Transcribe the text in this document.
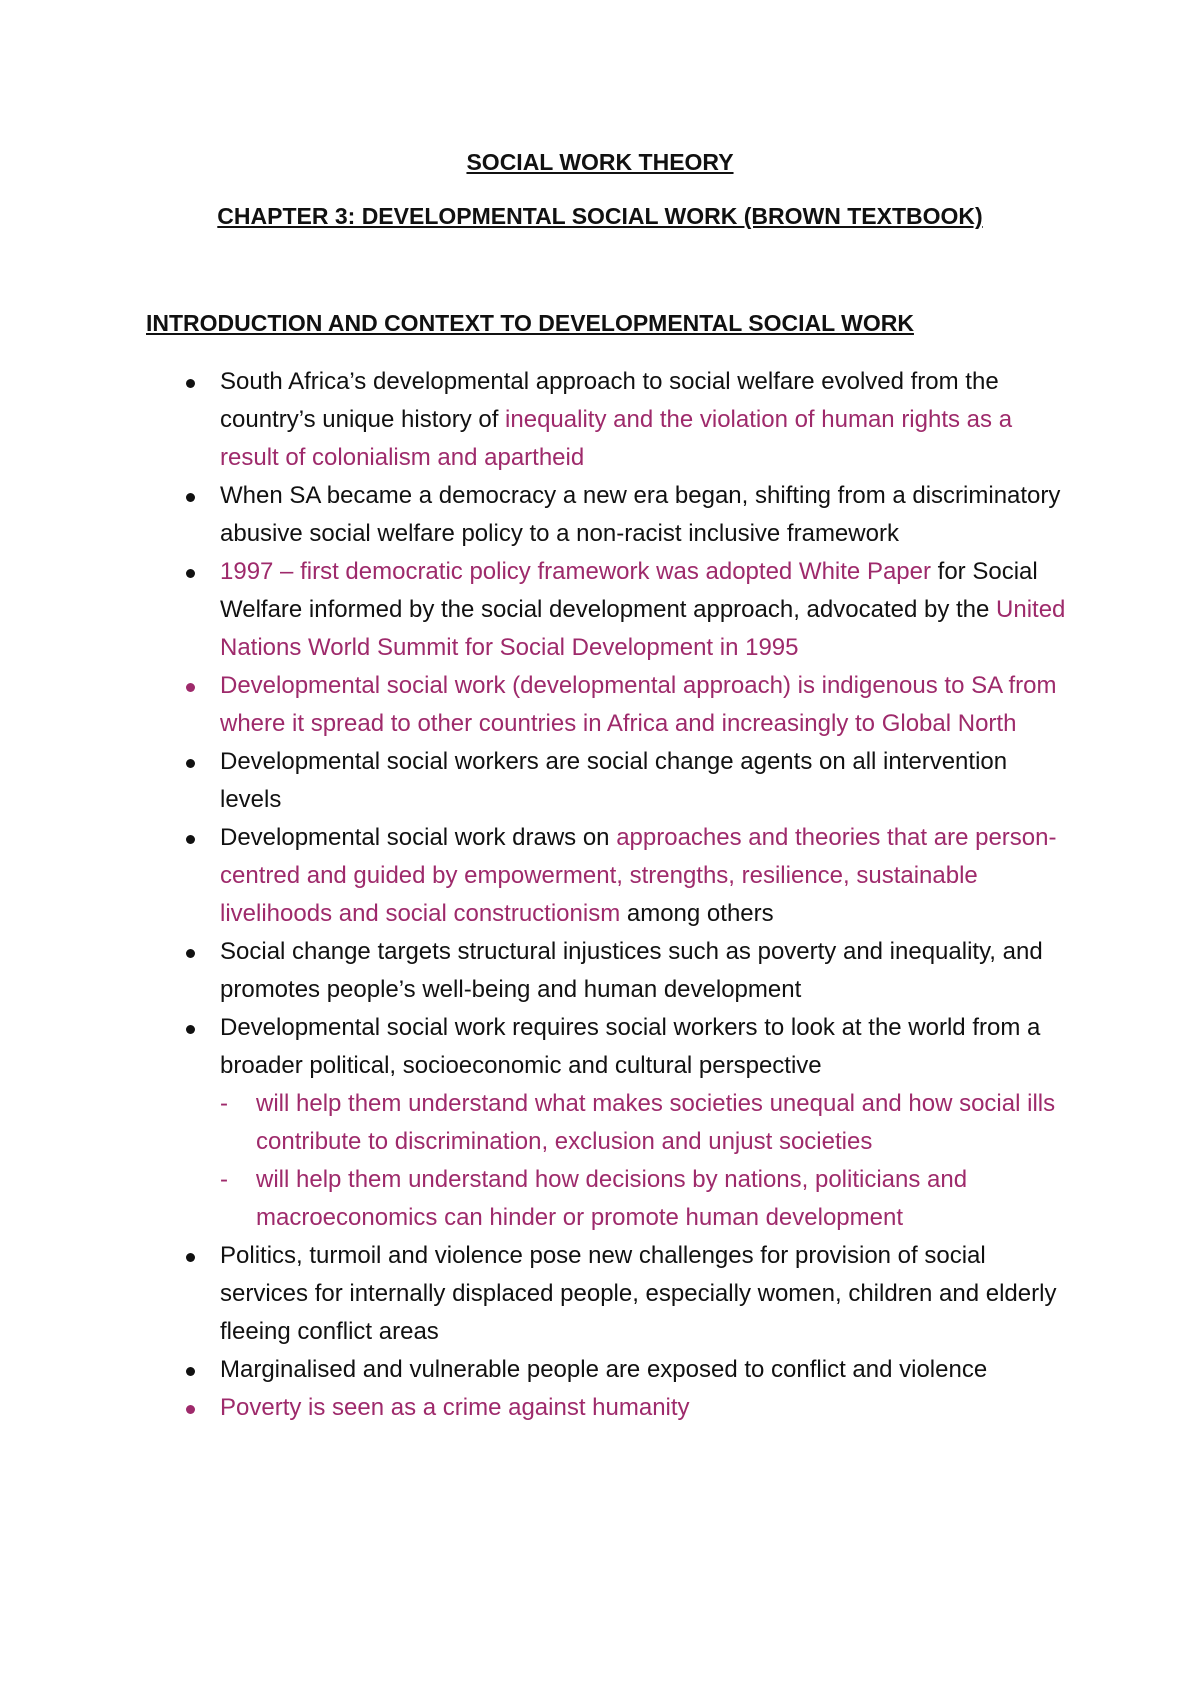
SOCIAL WORK THEORY
CHAPTER 3: DEVELOPMENTAL SOCIAL WORK (BROWN TEXTBOOK)
INTRODUCTION AND CONTEXT TO DEVELOPMENTAL SOCIAL WORK
South Africa’s developmental approach to social welfare evolved from the country’s unique history of inequality and the violation of human rights as a result of colonialism and apartheid
When SA became a democracy a new era began, shifting from a discriminatory abusive social welfare policy to a non-racist inclusive framework
1997 – first democratic policy framework was adopted White Paper for Social Welfare informed by the social development approach, advocated by the United Nations World Summit for Social Development in 1995
Developmental social work (developmental approach) is indigenous to SA from where it spread to other countries in Africa and increasingly to Global North
Developmental social workers are social change agents on all intervention levels
Developmental social work draws on approaches and theories that are person-centred and guided by empowerment, strengths, resilience, sustainable livelihoods and social constructionism among others
Social change targets structural injustices such as poverty and inequality, and promotes people’s well-being and human development
Developmental social work requires social workers to look at the world from a broader political, socioeconomic and cultural perspective
- will help them understand what makes societies unequal and how social ills contribute to discrimination, exclusion and unjust societies
- will help them understand how decisions by nations, politicians and macroeconomics can hinder or promote human development
Politics, turmoil and violence pose new challenges for provision of social services for internally displaced people, especially women, children and elderly fleeing conflict areas
Marginalised and vulnerable people are exposed to conflict and violence
Poverty is seen as a crime against humanity
